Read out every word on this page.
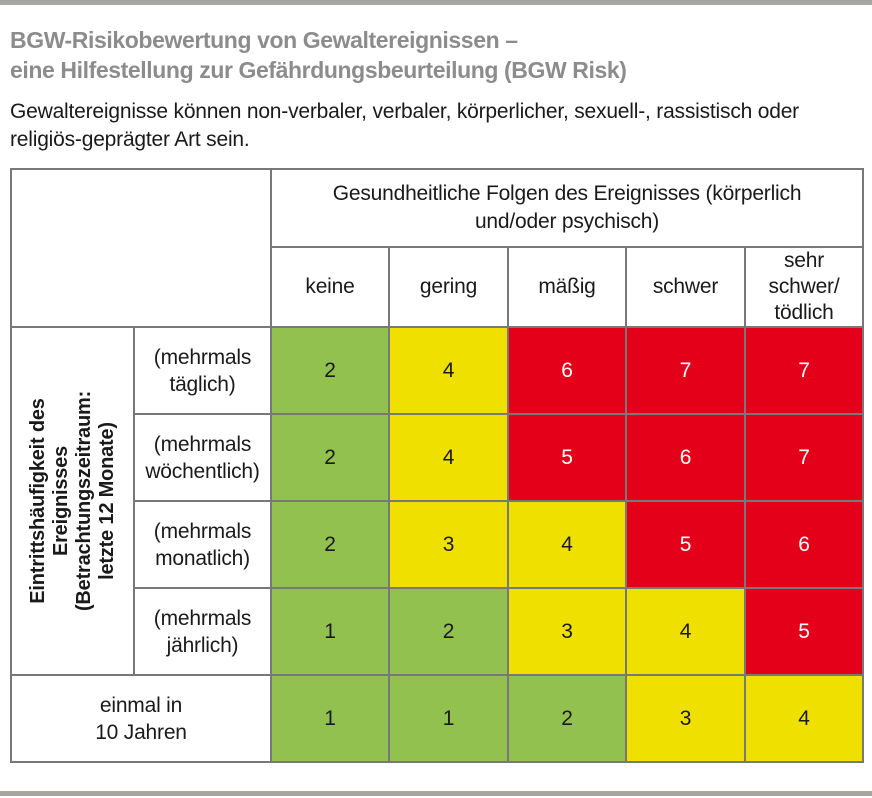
BGW-Risikobewertung von Gewaltereignissen –
eine Hilfestellung zur Gefährdungsbeurteilung (BGW Risk)

Gewaltereignisse können non-verbaler, verbaler, körperlicher, sexuell-, rassistisch oder religiös-geprägter Art sein.

		Gesundheitliche Folgen des Ereignisses (körperlich und/oder psychisch)				

		keine	gering	mäßig	schwer	sehr schwer/ tödlich

Eintrittshäufigkeit des Ereignisses (Betrachtungszeitraum: letzte 12 Monate)	(mehrmals täglich)	2	4	6	7	7
	(mehrmals wöchentlich)	2	4	5	6	7
	(mehrmals monatlich)	2	3	4	5	6
	(mehrmals jährlich)	1	2	3	4	5
einmal in 10 Jahren		1	1	2	3	4
